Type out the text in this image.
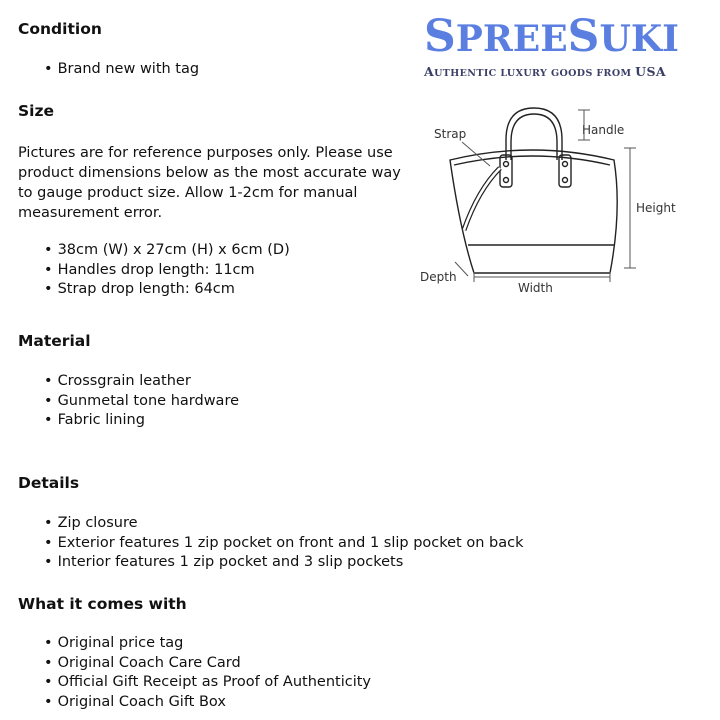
SPREESUKI
AUTHENTIC LUXURY GOODS FROM USA
Condition
• Brand new with tag
Size

Pictures are for reference purposes only. Please use product dimensions below as the most accurate way to gauge product size. Allow 1-2cm for manual measurement error.

• 38cm (W) x 27cm (H) x 6cm (D)
• Handles drop length: 11cm
• Strap drop length: 64cm
Strap	Handle
Height
Depth
Width
Material
• Crossgrain leather
• Gunmetal tone hardware
• Fabric lining
Details
• Zip closure
• Exterior features 1 zip pocket on front and 1 slip pocket on back
• Interior features 1 zip pocket and 3 slip pockets
What it comes with
• Original price tag
• Original Coach Care Card
• Official Gift Receipt as Proof of Authenticity
• Original Coach Gift Box
